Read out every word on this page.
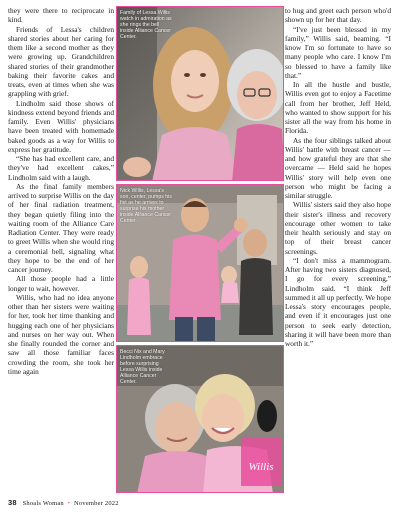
they were there to reciprocate in kind.

Friends of Lessa's children shared stories about her caring for them like a second mother as they were growing up. Grandchildren shared stories of their grandmother baking their favorite cakes and treats, even at times when she was grappling with grief.

Lindholm said those shows of kindness extend beyond friends and family. Even Willis' physicians have been treated with homemade baked goods as a way for Willis to express her gratitude.

“She has had excellent care, and they've had excellent cakes,” Lindholm said with a laugh.

As the final family members arrived to surprise Willis on the day of her final radiation treatment, they began quietly filing into the waiting room of the Alliance Care Radiation Center. They were ready to greet Willis when she would ring a ceremonial bell, signaling what they hope to be the end of her cancer journey.

All those people had a little longer to wait, however.

Willis, who had no idea anyone other than her sisters were waiting for her, took her time thanking and hugging each one of her physicians and nurses on her way out. When she finally rounded the corner and saw all those familiar faces crowding the room, she took her time again

Family of Lessa Willis watch in admiration as she rings the bell inside Alliance Cancer Center.
Nick Willis, Lessa's son, center, pumps his fist as he arrives to surprise his mother inside Alliance Cancer Center.
Becci Nix and Mary Lindholm embrace before surprising Lessa Willis inside Alliance Cancer Center.
Willis

to hug and greet each person who'd shown up for her that day.

“I've just been blessed in my family,” Willis said, beaming. “I know I'm so fortunate to have so many people who care. I know I'm so blessed to have a family like that.”

In all the hustle and bustle, Willis even got to enjoy a Facetime call from her brother, Jeff Held, who wanted to show support for his sister all the way from his home in Florida.

As the four siblings talked about Willis' battle with breast cancer — and how grateful they are that she overcame — Held said he hopes Willis' story will help even one person who might be facing a similar struggle.

Willis' sisters said they also hope their sister's illness and recovery encourage other women to take their health seriously and stay on top of their breast cancer screenings.

“I don't miss a mammogram. After having two sisters diagnosed, I go for every screening,” Lindholm said. “I think Jeff summed it all up perfectly. We hope Lessa's story encourages people, and even if it encourages just one person to seek early detection, sharing it will have been more than worth it.”

38 Shoals Woman • November 2022
